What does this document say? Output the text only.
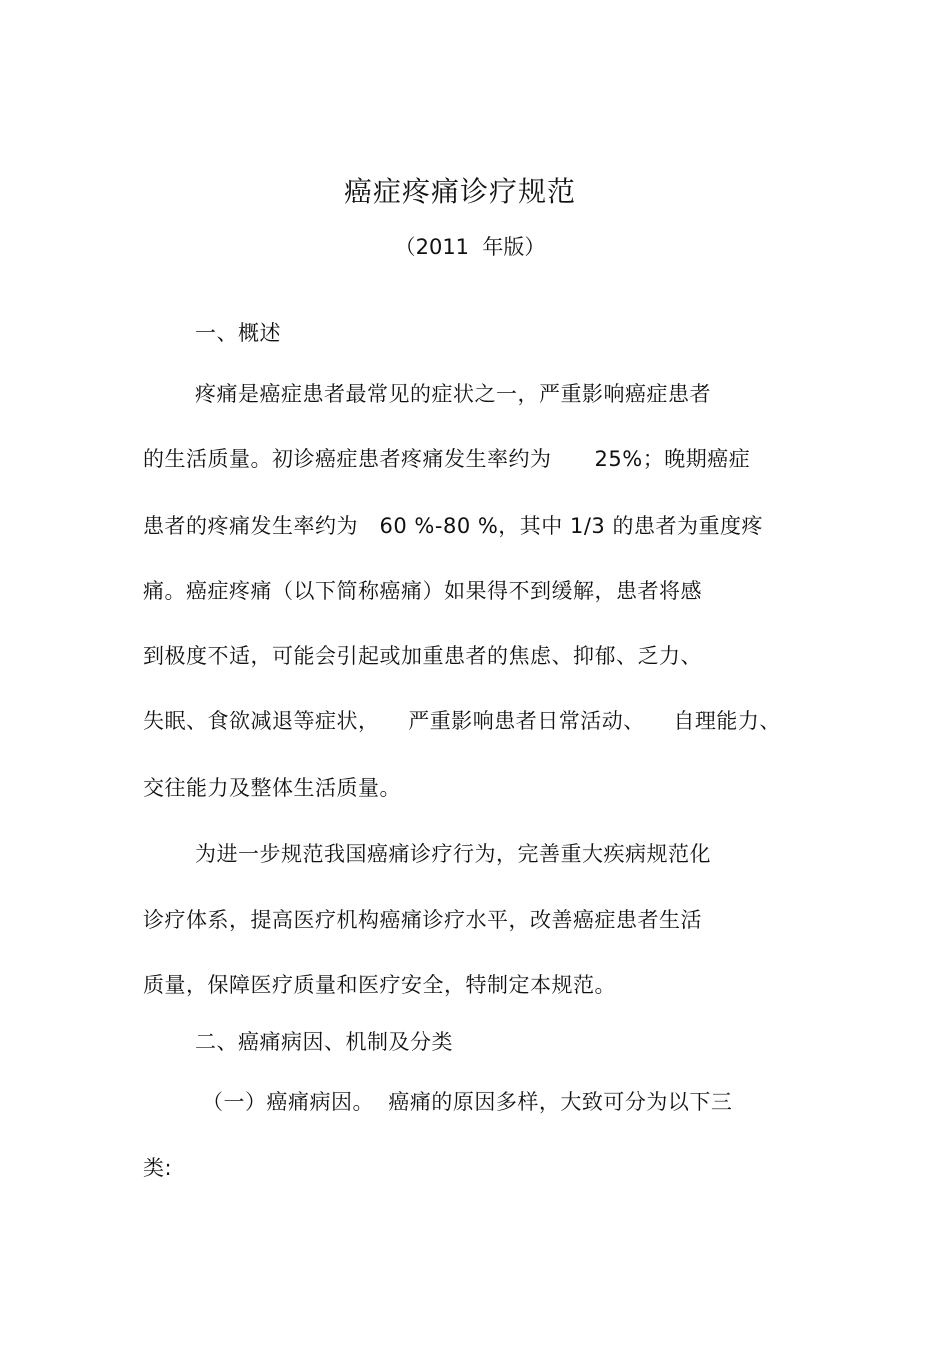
癌症疼痛诊疗规范
（2011  年版）
一、概述
疼痛是癌症患者最常见的症状之一，严重影响癌症患者
的生活质量。初诊癌症患者疼痛发生率约为      25%；晚期癌症
患者的疼痛发生率约为   60 %-80 %，其中 1/3 的患者为重度疼
痛。癌症疼痛（以下简称癌痛）如果得不到缓解，患者将感
到极度不适，可能会引起或加重患者的焦虑、抑郁、乏力、
失眠、食欲减退等症状，    严重影响患者日常活动、    自理能力、
交往能力及整体生活质量。
为进一步规范我国癌痛诊疗行为，完善重大疾病规范化
诊疗体系，提高医疗机构癌痛诊疗水平，改善癌症患者生活
质量，保障医疗质量和医疗安全，特制定本规范。
二、癌痛病因、机制及分类
（一）癌痛病因。  癌痛的原因多样，大致可分为以下三
类:
